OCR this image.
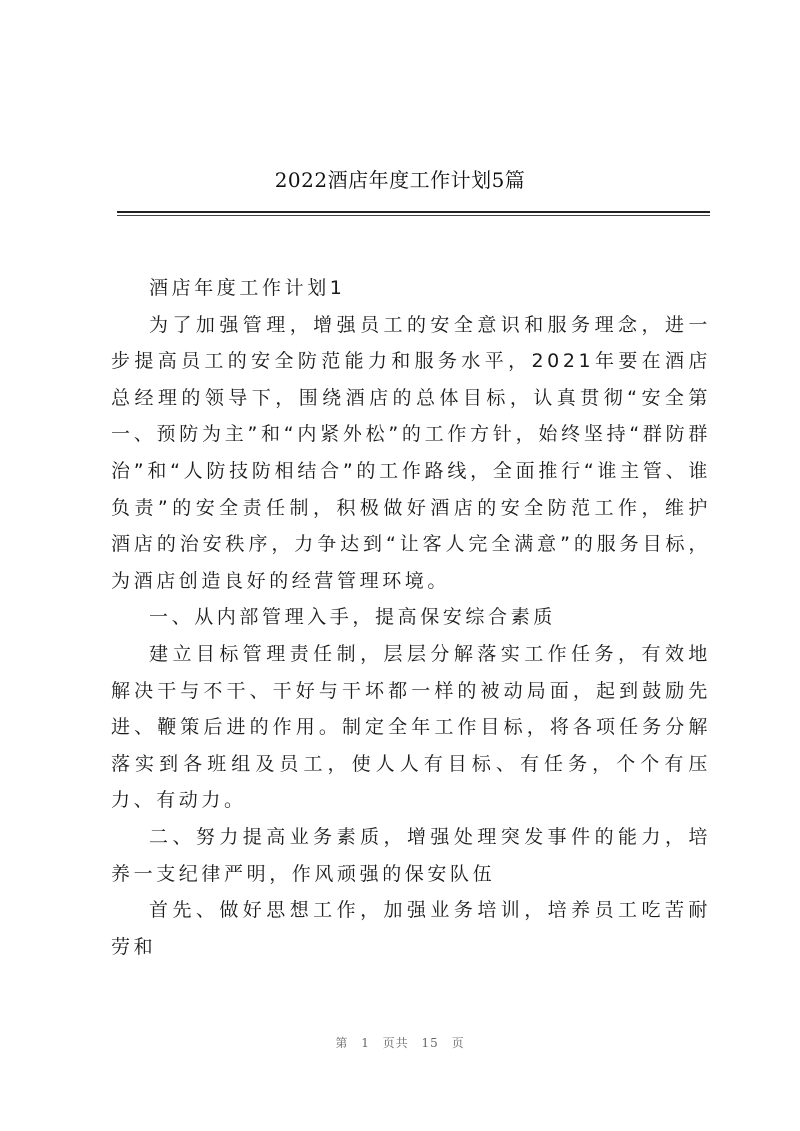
2022酒店年度工作计划5篇

酒店年度工作计划1

为了加强管理，增强员工的安全意识和服务理念，进一步提高员工的安全防范能力和服务水平，2021年要在酒店总经理的领导下，围绕酒店的总体目标，认真贯彻“安全第一、预防为主”和“内紧外松”的工作方针，始终坚持“群防群治”和“人防技防相结合”的工作路线，全面推行“谁主管、谁负责”的安全责任制，积极做好酒店的安全防范工作，维护酒店的治安秩序，力争达到“让客人完全满意”的服务目标，为酒店创造良好的经营管理环境。

一、从内部管理入手，提高保安综合素质

建立目标管理责任制，层层分解落实工作任务，有效地解决干与不干、干好与干坏都一样的被动局面，起到鼓励先进、鞭策后进的作用。制定全年工作目标，将各项任务分解落实到各班组及员工，使人人有目标、有任务，个个有压力、有动力。

二、努力提高业务素质，增强处理突发事件的能力，培养一支纪律严明，作风顽强的保安队伍

首先、做好思想工作，加强业务培训，培养员工吃苦耐劳和

第 1 页共 15 页
